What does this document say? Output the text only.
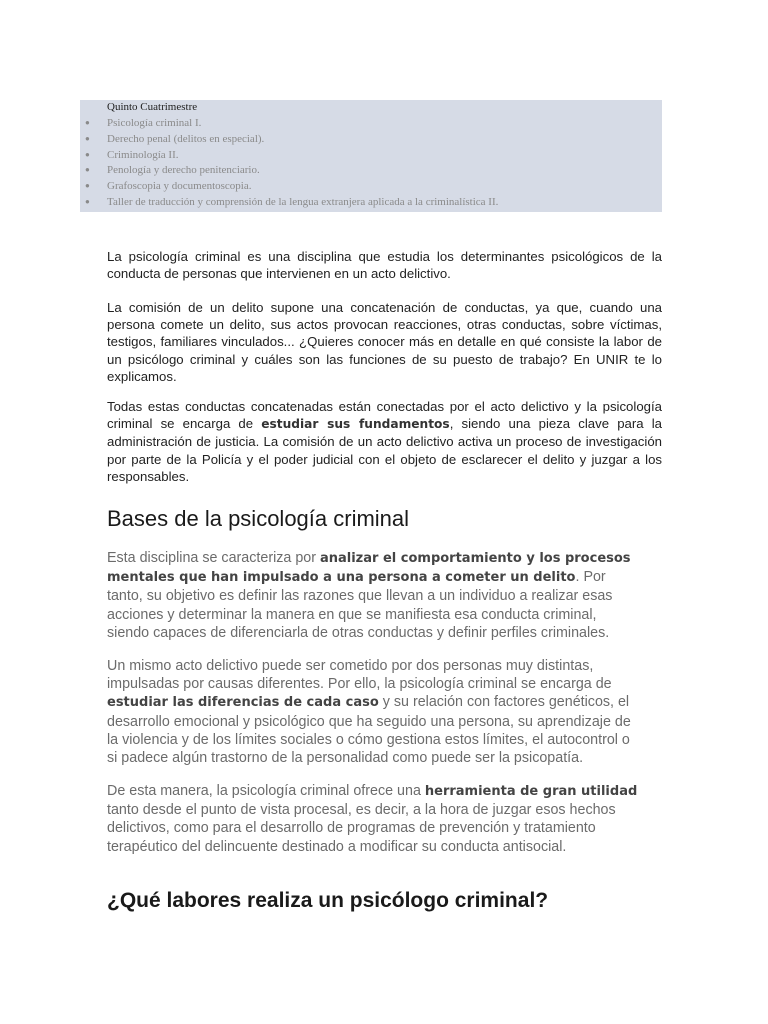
Quinto Cuatrimestre
● Psicología criminal I.
● Derecho penal (delitos en especial).
● Criminología II.
● Penología y derecho penitenciario.
● Grafoscopia y documentoscopia.
● Taller de traducción y comprensión de la lengua extranjera aplicada a la criminalística II.

La psicología criminal es una disciplina que estudia los determinantes psicológicos de la conducta de personas que intervienen en un acto delictivo.

La comisión de un delito supone una concatenación de conductas, ya que, cuando una persona comete un delito, sus actos provocan reacciones, otras conductas, sobre víctimas, testigos, familiares vinculados... ¿Quieres conocer más en detalle en qué consiste la labor de un psicólogo criminal y cuáles son las funciones de su puesto de trabajo? En UNIR te lo explicamos.

Todas estas conductas concatenadas están conectadas por el acto delictivo y la psicología criminal se encarga de estudiar sus fundamentos, siendo una pieza clave para la administración de justicia. La comisión de un acto delictivo activa un proceso de investigación por parte de la Policía y el poder judicial con el objeto de esclarecer el delito y juzgar a los responsables.

Bases de la psicología criminal

Esta disciplina se caracteriza por analizar el comportamiento y los procesos mentales que han impulsado a una persona a cometer un delito. Por tanto, su objetivo es definir las razones que llevan a un individuo a realizar esas acciones y determinar la manera en que se manifiesta esa conducta criminal, siendo capaces de diferenciarla de otras conductas y definir perfiles criminales.

Un mismo acto delictivo puede ser cometido por dos personas muy distintas, impulsadas por causas diferentes. Por ello, la psicología criminal se encarga de estudiar las diferencias de cada caso y su relación con factores genéticos, el desarrollo emocional y psicológico que ha seguido una persona, su aprendizaje de la violencia y de los límites sociales o cómo gestiona estos límites, el autocontrol o si padece algún trastorno de la personalidad como puede ser la psicopatía.

De esta manera, la psicología criminal ofrece una herramienta de gran utilidad tanto desde el punto de vista procesal, es decir, a la hora de juzgar esos hechos delictivos, como para el desarrollo de programas de prevención y tratamiento terapéutico del delincuente destinado a modificar su conducta antisocial.

¿Qué labores realiza un psicólogo criminal?
